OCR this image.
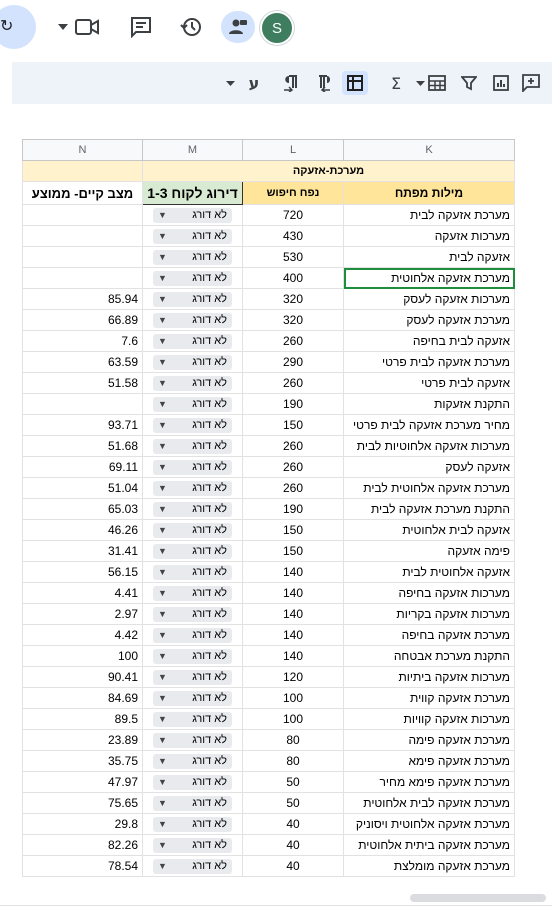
↻	S
ע	Σ
N	M	L	K
	מערכת-אזעקה		
מצב קיים- ממוצע	דירוג לקוח 1-3	נפח חיפוש	מילות מפתח

	▼ לא דורג	720	מערכת אזעקה לבית

	▼ לא דורג	430	מערכות אזעקה

	▼ לא דורג	530	אזעקה לבית

	▼ לא דורג	400	מערכת אזעקה אלחוטית
85.94	▼ לא דורג	320	מערכות אזעקה לעסק
66.89	▼ לא דורג	320	מערכת אזעקה לעסק
7.6	▼ לא דורג	260	אזעקה לבית בחיפה
63.59	▼ לא דורג	290	מערכת אזעקה לבית פרטי
51.58	▼ לא דורג	260	אזעקה לבית פרטי

	▼ לא דורג	190	התקנת אזעקות
93.71	▼ לא דורג	150	מחיר מערכת אזעקה לבית פרטי
51.68	▼ לא דורג	260	מערכות אזעקה אלחוטיות לבית
69.11	▼ לא דורג	260	אזעקה לעסק
51.04	▼ לא דורג	260	מערכת אזעקה אלחוטית לבית
65.03	▼ לא דורג	190	התקנת מערכת אזעקה לבית
46.26	▼ לא דורג	150	אזעקה לבית אלחוטית
31.41	▼ לא דורג	150	פימה אזעקה
56.15	▼ לא דורג	140	אזעקה אלחוטית לבית
4.41	▼ לא דורג	140	מערכות אזעקה בחיפה
2.97	▼ לא דורג	140	מערכות אזעקה בקריות
4.42	▼ לא דורג	140	מערכת אזעקה בחיפה
100	▼ לא דורג	140	התקנת מערכת אבטחה
90.41	▼ לא דורג	120	מערכות אזעקה ביתיות
84.69	▼ לא דורג	100	מערכת אזעקה קווית
89.5	▼ לא דורג	100	מערכות אזעקה קוויות
23.89	▼ לא דורג	80	מערכת אזעקה פימה
35.75	▼ לא דורג	80	מערכת אזעקה פימא
47.97	▼ לא דורג	50	מערכת אזעקה פימא מחיר
75.65	▼ לא דורג	50	מערכת אזעקה לבית אלחוטית
29.8	▼ לא דורג	40	מערכת אזעקה אלחוטית ויסוניק
82.26	▼ לא דורג	40	מערכת אזעקה ביתית אלחוטית
78.54	▼ לא דורג	40	מערכת אזעקה מומלצת
